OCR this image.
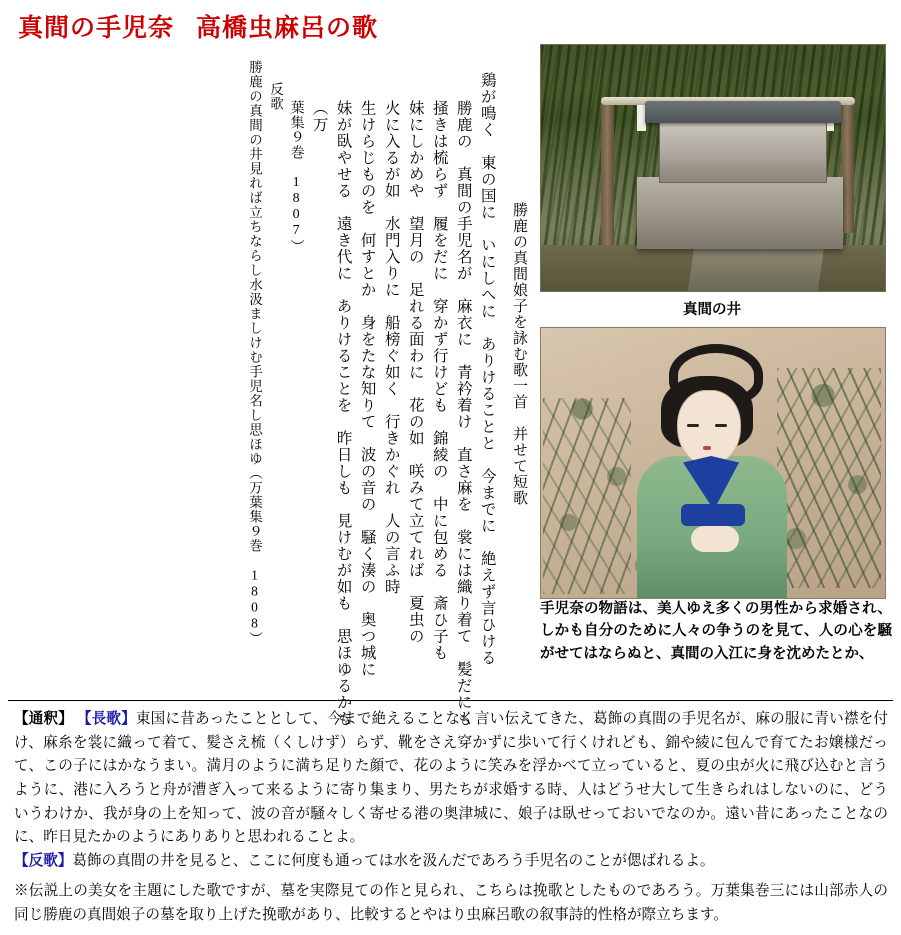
真間の手児奈 高橋虫麻呂の歌
勝鹿の真間娘子を詠む歌一首　并せて短歌
鶏が鳴く　東の国に　いにしへに　ありけることと　今までに　絶えず言ひける
勝鹿の　真間の手児名が　麻衣に　青衿着け　直さ麻を　裳には織り着て　髪だにも
掻きは梳らず　履をだに　穿かず行けども　錦綾の　中に包める　斎ひ子も
妹にしかめや　望月の　足れる面わに　花の如　咲みて立てれば　夏虫の
火に入るが如　水門入りに　船榜ぐ如く　行きかぐれ　人の言ふ時
生けらじものを　何すとか　身をたな知りて　波の音の　騒く湊の　奥つ城に
妹が臥やせる　遠き代に　ありけることを　昨日しも　見けむが如も　思ほゆるかも（万
葉集９巻　1807）
反歌
勝鹿の真間の井見れば立ちならし水汲ましけむ手児名し思ほゆ（万葉集９巻　1808）	真間の井
手児奈の物語は、美人ゆえ多くの男性から求婚され、しかも自分のために人々の争うのを見て、人の心を騒がせてはならぬと、真間の入江に身を沈めたとか、

【通釈】 【長歌】東国に昔あったこととして、今まで絶えることなく言い伝えてきた、葛飾の真間の手児名が、麻の服に青い襟を付け、麻糸を裳に織って着て、髪さえ梳（くしけず）らず、靴をさえ穿かずに歩いて行くけれども、錦や綾に包んで育てたお嬢様だって、この子にはかなうまい。満月のように満ち足りた顔で、花のように笑みを浮かべて立っていると、夏の虫が火に飛び込むと言うように、港に入ろうと舟が漕ぎ入って来るように寄り集まり、男たちが求婚する時、人はどうせ大して生きられはしないのに、どういうわけか、我が身の上を知って、波の音が騒々しく寄せる港の奥津城に、娘子は臥せっておいでなのか。遠い昔にあったことなのに、昨日見たかのようにありありと思われることよ。

【反歌】葛飾の真間の井を見ると、ここに何度も通っては水を汲んだであろう手児名のことが偲ばれるよ。

※伝説上の美女を主題にした歌ですが、墓を実際見ての作と見られ、こちらは挽歌としたものであろう。万葉集巻三には山部赤人の同じ勝鹿の真間娘子の墓を取り上げた挽歌があり、比較するとやはり虫麻呂歌の叙事詩的性格が際立ちます。
